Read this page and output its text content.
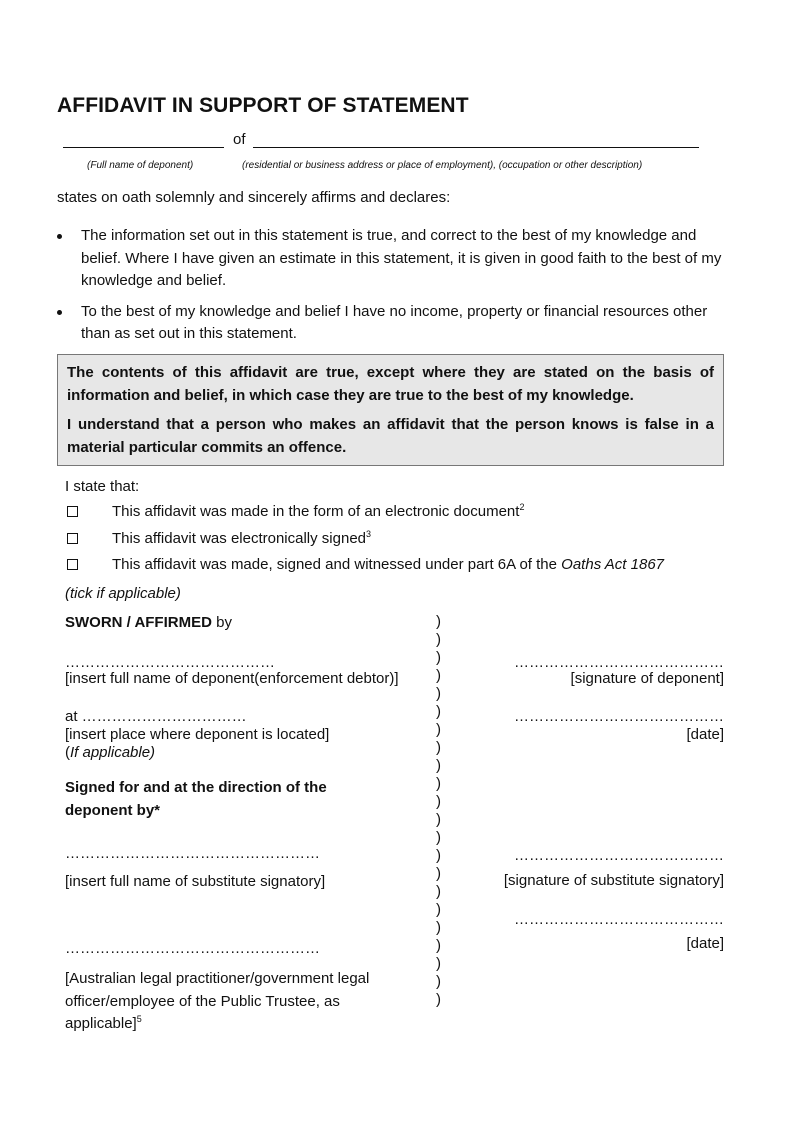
AFFIDAVIT IN SUPPORT OF STATEMENT
of
(Full name of deponent)	(residential or business address or place of employment), (occupation or other description)
states on oath solemnly and sincerely affirms and declares:
The information set out in this statement is true, and correct to the best of my knowledge and belief. Where I have given an estimate in this statement, it is given in good faith to the best of my knowledge and belief.
To the best of my knowledge and belief I have no income, property or financial resources other than as set out in this statement.

The contents of this affidavit are true, except where they are stated on the basis of information and belief, in which case they are true to the best of my knowledge.

I understand that a person who makes an affidavit that the person knows is false in a material particular commits an offence.

I state that:
This affidavit was made in the form of an electronic document$^2$
This affidavit was electronically signed$^3$
This affidavit was made, signed and witnessed under part 6A of the Oaths Act 1867
(tick if applicable)
SWORN / AFFIRMED by
……………………………………
[insert full name of deponent(enforcement debtor)]
……………………………………
[signature of deponent]
at ……………………………
[insert place where deponent is located]
(If applicable)
……………………………………
[date]
Signed for and at the direction of the deponent by*
……………………………………………
[insert full name of substitute signatory]
……………………………………
[signature of substitute signatory]
……………………………………
[date]
……………………………………………
[Australian legal practitioner/government legal officer/employee of the Public Trustee, as applicable]$^5$
)
)
)
)
)
)
)
)
)
)
)
)
)
)
)
)
)
)
)
)
)
)
